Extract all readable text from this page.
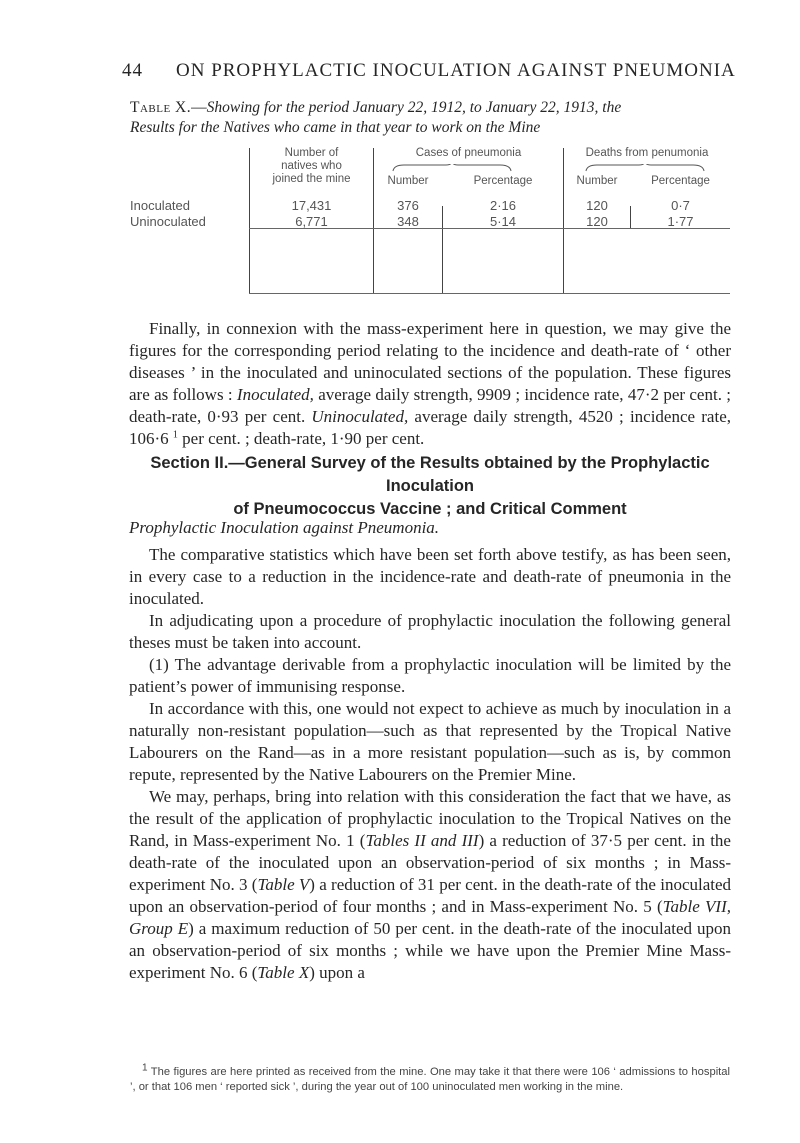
44 ON PROPHYLACTIC INOCULATION AGAINST PNEUMONIA
Table X.—Showing for the period January 22, 1912, to January 22, 1913, the
Results for the Natives who came in that year to work on the Mine
Number of
natives who
joined the mine
Cases of pneumonia	Deaths from penumonia
Number	Percentage	Number	Percentage
Inoculated	17,431	376	2·16	120	0·7
Uninoculated	6,771	348	5·14	120	1·77

Finally, in connexion with the mass-experiment here in question, we may give the figures for the corresponding period relating to the incidence and death-rate of ‘ other diseases ’ in the inoculated and uninoculated sections of the population. These figures are as follows : Inoculated, average daily strength, 9909 ; incidence rate, 47·2 per cent. ; death-rate, 0·93 per cent. Uninoculated, average daily strength, 4520 ; incidence rate, 106·6 $^1$ per cent. ; death-rate, 1·90 per cent.

Section II.—General Survey of the Results obtained by the Prophylactic Inoculation
of Pneumococcus Vaccine ; and Critical Comment
Prophylactic Inoculation against Pneumonia.

The comparative statistics which have been set forth above testify, as has been seen, in every case to a reduction in the incidence-rate and death-rate of pneumonia in the inoculated.

In adjudicating upon a procedure of prophylactic inoculation the following general theses must be taken into account.

(1) The advantage derivable from a prophylactic inoculation will be limited by the patient’s power of immunising response.

In accordance with this, one would not expect to achieve as much by inoculation in a naturally non-resistant population—such as that represented by the Tropical Native Labourers on the Rand—as in a more resistant population—such as is, by common repute, represented by the Native Labourers on the Premier Mine.

We may, perhaps, bring into relation with this consideration the fact that we have, as the result of the application of prophylactic inoculation to the Tropical Natives on the Rand, in Mass-experiment No. 1 (Tables II and III) a reduction of 37·5 per cent. in the death-rate of the inoculated upon an observation-period of six months ; in Mass-experiment No. 3 (Table V) a reduction of 31 per cent. in the death-rate of the inoculated upon an observation-period of four months ; and in Mass-experiment No. 5 (Table VII, Group E) a maximum reduction of 50 per cent. in the death-rate of the inoculated upon an observation-period of six months ; while we have upon the Premier Mine Mass-experiment No. 6 (Table X) upon a

$^1$ The figures are here printed as received from the mine. One may take it that there were 106 ‘ admissions to hospital ’, or that 106 men ‘ reported sick ’, during the year out of 100 uninoculated men working in the mine.
